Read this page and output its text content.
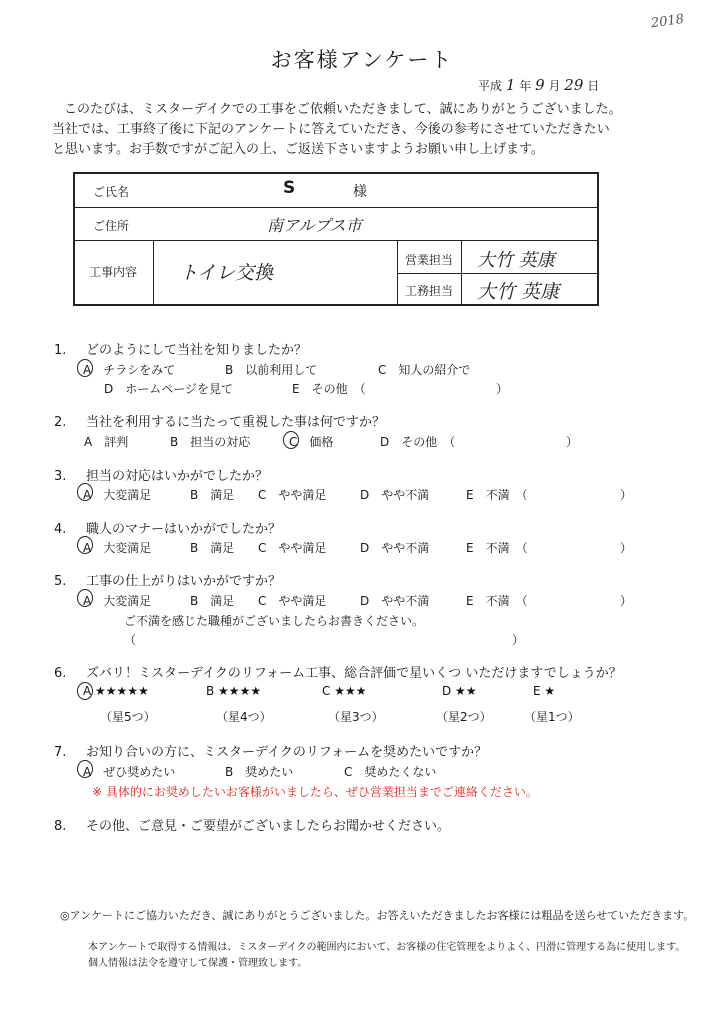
2018
お客様アンケート
平成 1 年 9 月 29 日

このたびは、ミスターデイクでの工事をご依頼いただきまして、誠にありがとうございました。

当社では、工事終了後に下記のアンケートに答えていただき、今後の参考にさせていただきたい

と思います。お手数ですがご記入の上、ご返送下さいますようお願い申し上げます。

ご氏名	S	様
ご住所	南アルプス市
工事内容 トイレ交換
営業担当 大竹 英康
工務担当 大竹 英康
1. どのようにして当社を知りましたか？
A　チラシをみて	B　以前利用して	C　知人の紹介で
D　ホームページを見て	E　その他　（	）
2. 当社を利用するに当たって重視した事は何ですか？
A　評判	B　担当の対応	C　価格	D　その他　（	）
3. 担当の対応はいかがでしたか？
A　大変満足	B　満足 C　やや満足	D　やや不満	E　不満　（	）
4. 職人のマナーはいかがでしたか？
A　大変満足	B　満足 C　やや満足	D　やや不満	E　不満　（	）
5. 工事の仕上がりはいかがですか？
A　大変満足	B　満足 C　やや満足	D　やや不満	E　不満　（	）
ご不満を感じた職種がございましたらお書きください。
（	）
6. ズバリ！ミスターデイクのリフォーム工事、総合評価で星いくつ いただけますでしょうか？
A ★★★★★	B ★★★★	C ★★★	D ★★	E ★
（星5つ）	（星4つ）	（星3つ）	（星2つ）	（星1つ）
7. お知り合いの方に、ミスターデイクのリフォームを奨めたいですか？
A　ぜひ奨めたい	B　奨めたい	C　奨めたくない
※ 具体的にお奨めしたいお客様がいましたら、ぜひ営業担当までご連絡ください。
8. その他、ご意見・ご要望がございましたらお聞かせください。
◎アンケートにご協力いただき、誠にありがとうございました。お答えいただきましたお客様には粗品を送らせていただきます。
本アンケートで取得する情報は、ミスターデイクの範囲内において、お客様の住宅管理をよりよく、円滑に管理する為に使用します。
個人情報は法令を遵守して保護・管理致します。
